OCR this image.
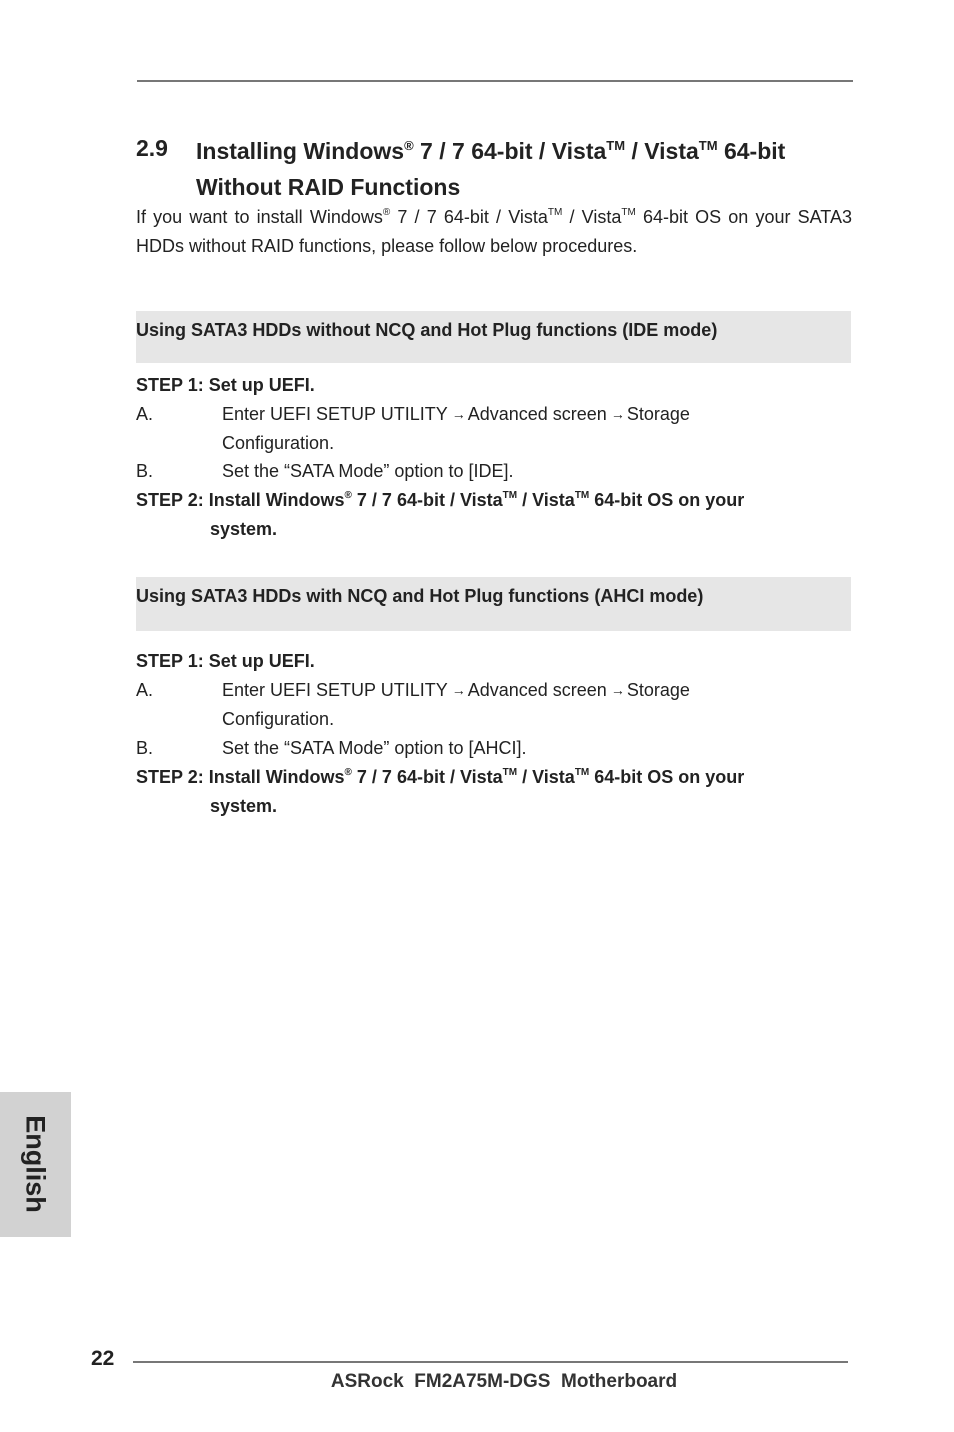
2.9 Installing Windows® 7 / 7 64-bit / Vista™ / Vista™ 64-bit
Without RAID Functions
If you want to install Windows® 7 / 7 64-bit / Vista™ / Vista™ 64-bit OS on your SATA3 HDDs without RAID functions, please follow below procedures.
Using SATA3 HDDs without NCQ and Hot Plug functions (IDE mode)
STEP 1: Set up UEFI.
A.	Enter UEFI SETUP UTILITY → Advanced screen → Storage
Configuration.
B.	Set the “SATA Mode” option to [IDE].
STEP 2: Install Windows® 7 / 7 64-bit / Vista™ / Vista™ 64-bit OS on your
system.
Using SATA3 HDDs with NCQ and Hot Plug functions (AHCI mode)
STEP 1: Set up UEFI.
A.	Enter UEFI SETUP UTILITY → Advanced screen → Storage
Configuration.
B.	Set the “SATA Mode” option to [AHCI].
STEP 2: Install Windows® 7 / 7 64-bit / Vista™ / Vista™ 64-bit OS on your
system.
English
22
ASRock  FM2A75M-DGS  Motherboard
